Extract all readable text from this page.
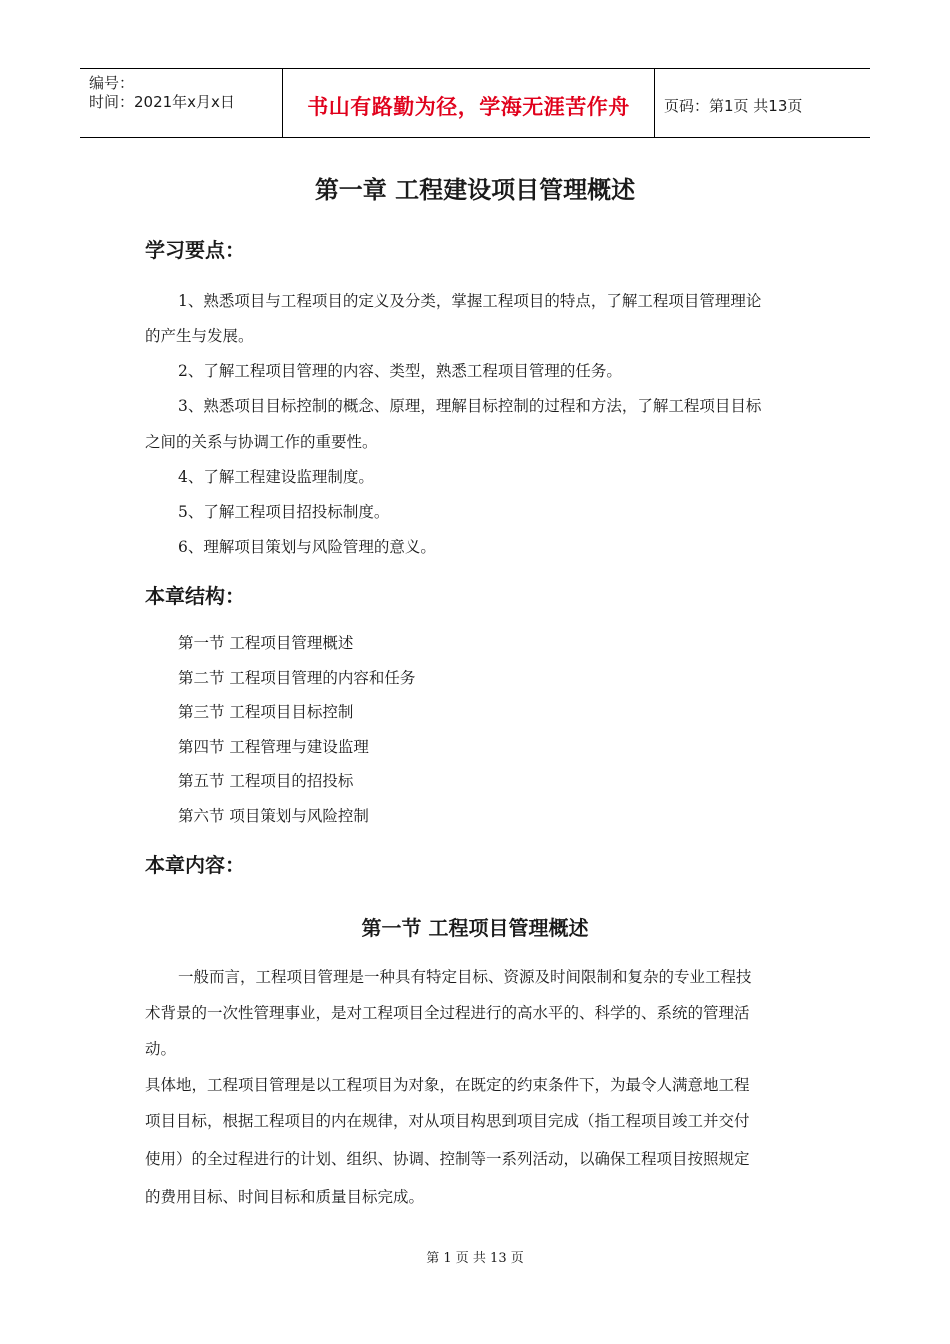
编号：
时间：2021年x月x日	书山有路勤为径，学海无涯苦作舟	页码：第1页 共13页
第一章 工程建设项目管理概述
学习要点：
1、熟悉项目与工程项目的定义及分类，掌握工程项目的特点，了解工程项目管理理论
的产生与发展。
2、了解工程项目管理的内容、类型，熟悉工程项目管理的任务。
3、熟悉项目目标控制的概念、原理，理解目标控制的过程和方法，了解工程项目目标
之间的关系与协调工作的重要性。
4、了解工程建设监理制度。
5、了解工程项目招投标制度。
6、理解项目策划与风险管理的意义。
本章结构：
第一节 工程项目管理概述
第二节 工程项目管理的内容和任务
第三节 工程项目目标控制
第四节 工程管理与建设监理
第五节 工程项目的招投标
第六节 项目策划与风险控制
本章内容：
第一节 工程项目管理概述
一般而言，工程项目管理是一种具有特定目标、资源及时间限制和复杂的专业工程技
术背景的一次性管理事业，是对工程项目全过程进行的高水平的、科学的、系统的管理活
动。
具体地，工程项目管理是以工程项目为对象，在既定的约束条件下，为最令人满意地工程
项目目标，根据工程项目的内在规律，对从项目构思到项目完成（指工程项目竣工并交付
使用）的全过程进行的计划、组织、协调、控制等一系列活动，以确保工程项目按照规定
的费用目标、时间目标和质量目标完成。
第 1 页 共 13 页
